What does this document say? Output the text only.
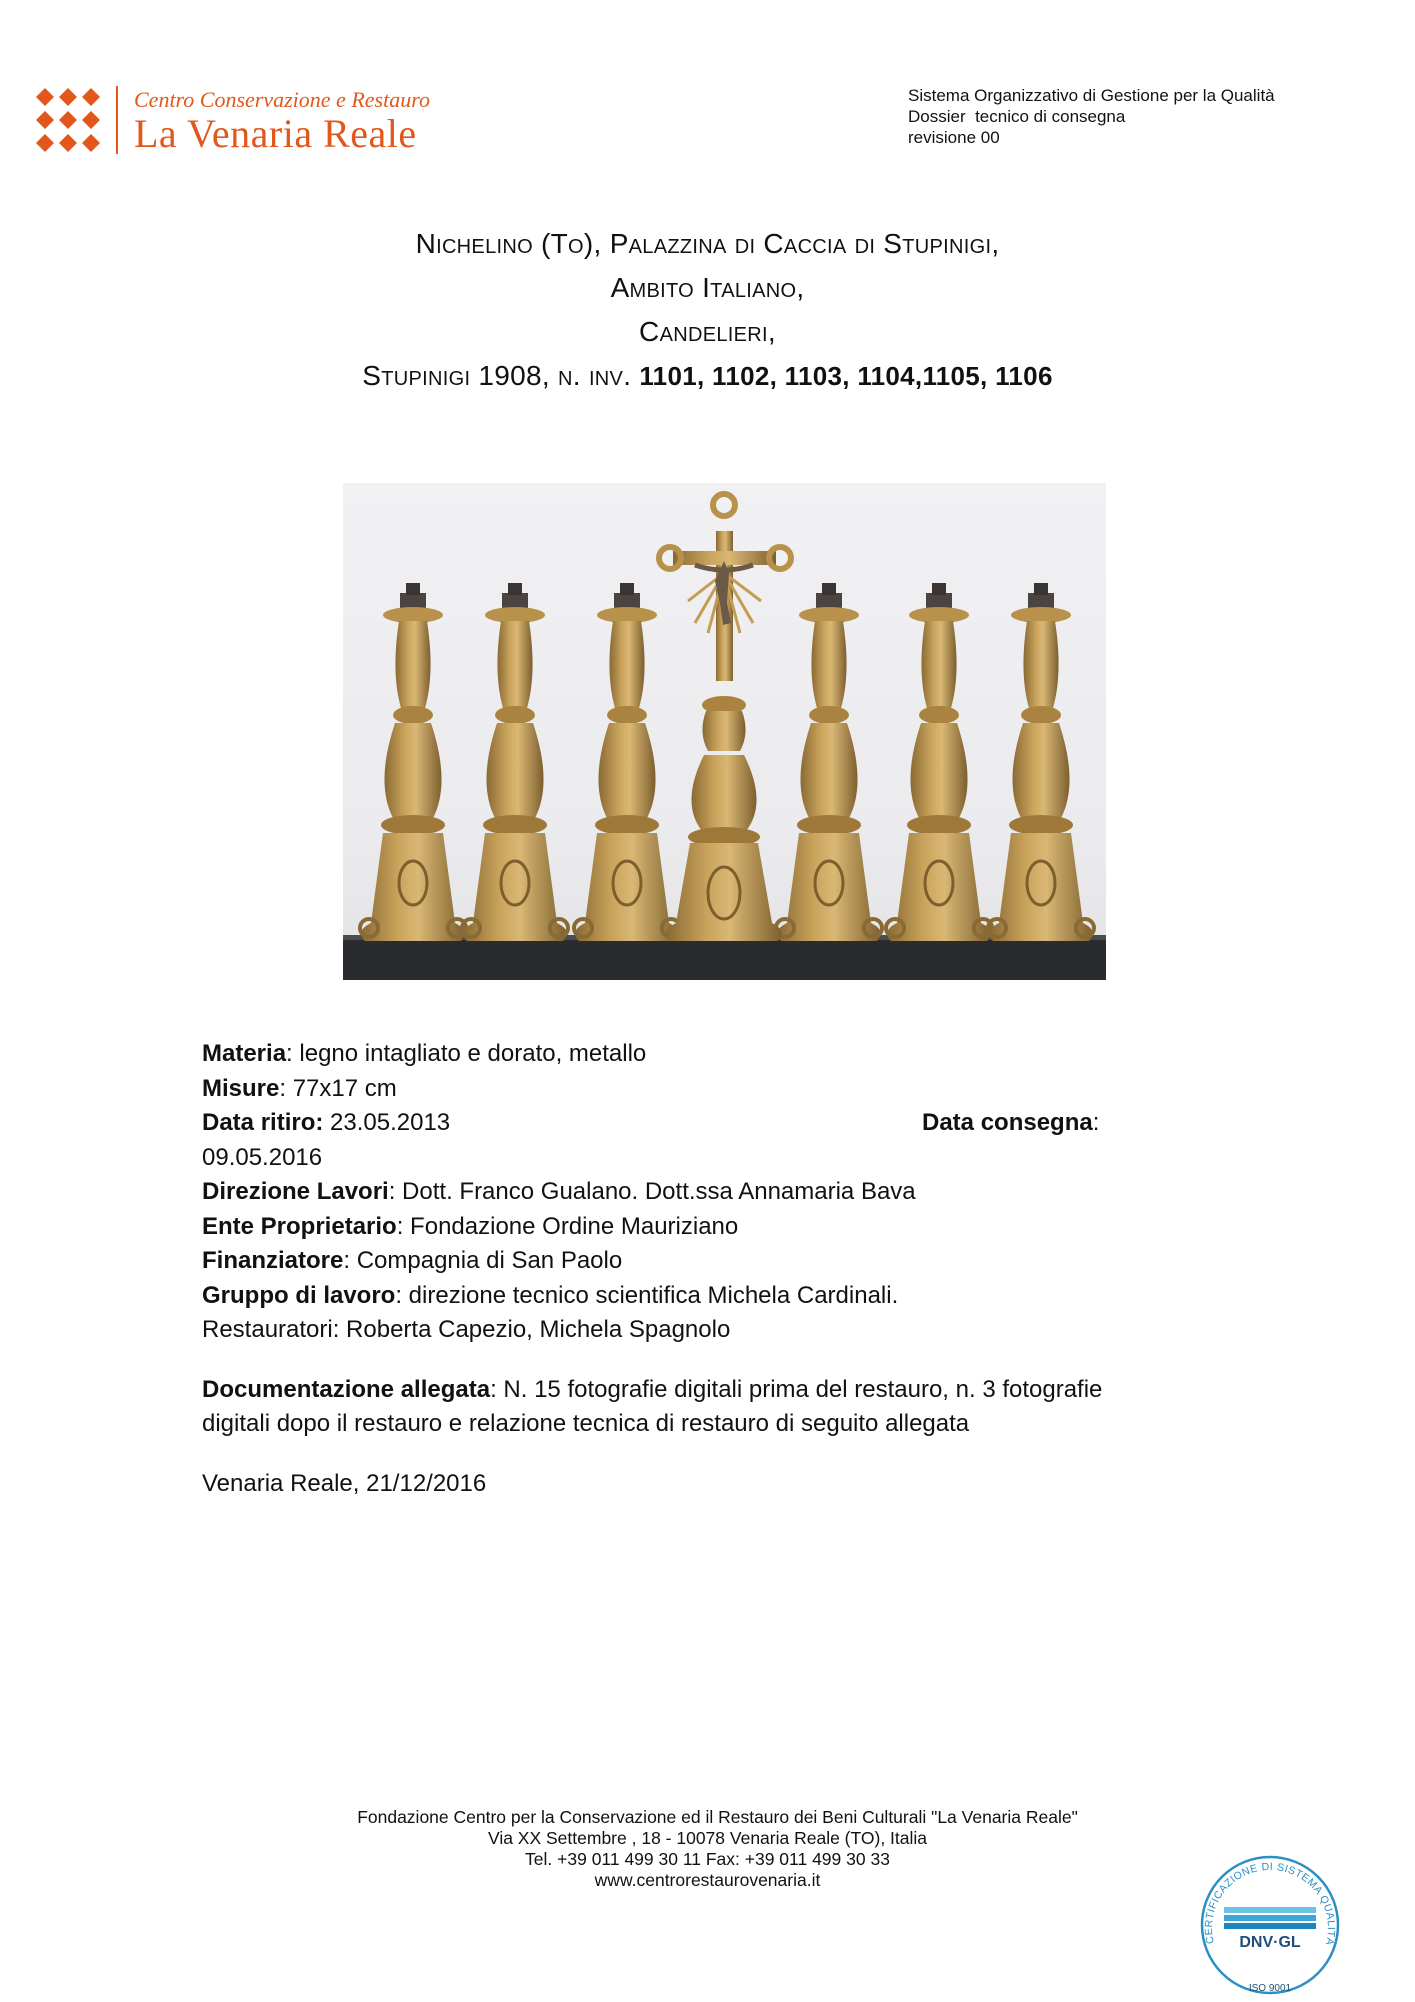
Centro Conservazione e Restauro
La Venaria Reale
Sistema Organizzativo di Gestione per la Qualità
Dossier  tecnico di consegna
revisione 00
Nichelino (To), Palazzina di Caccia di Stupinigi,
Ambito Italiano,
Candelieri,
Stupinigi 1908, n. inv. 1101, 1102, 1103, 1104,1105, 1106
Materia: legno intagliato e dorato, metallo
Misure: 77x17 cm
Data ritiro: 23.05.2013	Data consegna:
09.05.2016
Direzione Lavori: Dott. Franco Gualano. Dott.ssa Annamaria Bava
Ente Proprietario: Fondazione Ordine Mauriziano
Finanziatore: Compagnia di San Paolo
Gruppo di lavoro: direzione tecnico scientifica Michela Cardinali.
Restauratori: Roberta Capezio, Michela Spagnolo
Documentazione allegata: N. 15 fotografie digitali prima del restauro, n. 3 fotografie digitali dopo il restauro e relazione tecnica di restauro di seguito allegata
Venaria Reale, 21/12/2016
Fondazione Centro per la Conservazione ed il Restauro dei Beni Culturali "La Venaria Reale"
Via XX Settembre , 18 - 10078 Venaria Reale (TO), Italia
Tel. +39 011 499 30 11 Fax: +39 011 499 30 33
www.centrorestaurovenaria.it
CERTIFICAZIONE DI SISTEMA QUALITÀ
DNV·GL
ISO 9001
